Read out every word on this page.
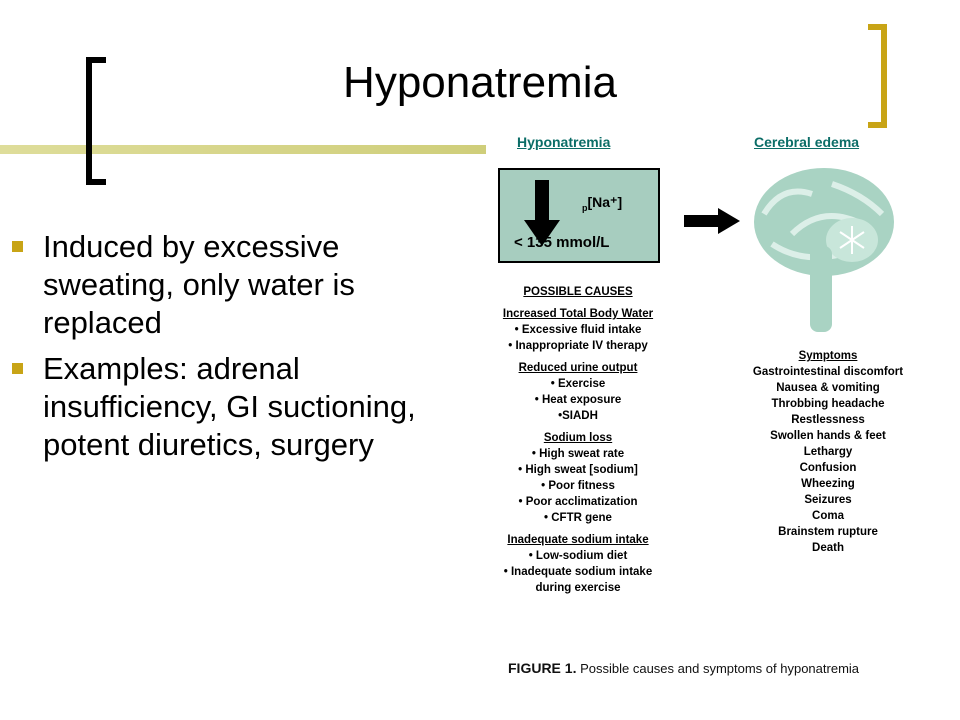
Hyponatremia
Induced by excessive sweating, only water is replaced
Examples: adrenal insufficiency, GI suctioning, potent diuretics, surgery
Hyponatremia	Cerebral edema
$_p$[Na⁺]
< 135 mmol/L
POSSIBLE CAUSES
Increased Total Body Water
• Excessive fluid intake
• Inappropriate IV therapy
Reduced urine output
• Exercise
• Heat exposure
•SIADH
Sodium loss
• High sweat rate
• High sweat [sodium]
• Poor fitness
• Poor acclimatization
• CFTR gene
Inadequate sodium intake
• Low-sodium diet
• Inadequate sodium intake
during exercise
Symptoms
Gastrointestinal discomfort
Nausea & vomiting
Throbbing headache
Restlessness
Swollen hands & feet
Lethargy
Confusion
Wheezing
Seizures
Coma
Brainstem rupture
Death
FIGURE 1. Possible causes and symptoms of hyponatremia
